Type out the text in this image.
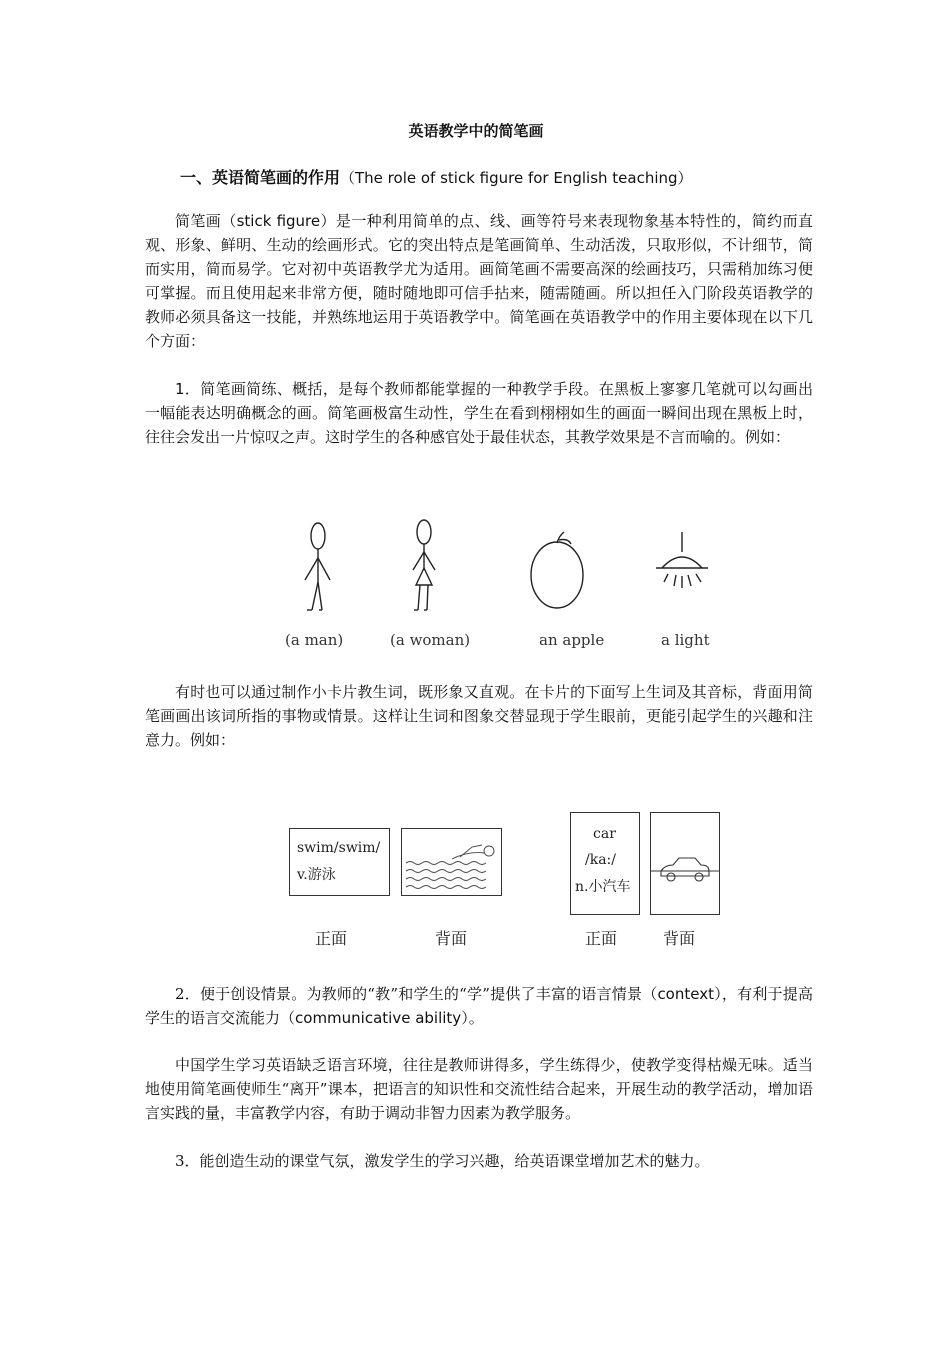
英语教学中的简笔画
一、英语简笔画的作用（The role of stick figure for English teaching）

简笔画（stick figure）是一种利用简单的点、线、画等符号来表现物象基本特性的，简约而直观、形象、鲜明、生动的绘画形式。它的突出特点是笔画简单、生动活泼，只取形似，不计细节，简而实用，简而易学。它对初中英语教学尤为适用。画简笔画不需要高深的绘画技巧，只需稍加练习便可掌握。而且使用起来非常方便，随时随地即可信手拈来，随需随画。所以担任入门阶段英语教学的教师必须具备这一技能，并熟练地运用于英语教学中。简笔画在英语教学中的作用主要体现在以下几个方面：

1．简笔画简练、概括，是每个教师都能掌握的一种教学手段。在黑板上寥寥几笔就可以勾画出一幅能表达明确概念的画。简笔画极富生动性，学生在看到栩栩如生的画面一瞬间出现在黑板上时，往往会发出一片惊叹之声。这时学生的各种感官处于最佳状态，其教学效果是不言而喻的。例如：

(a man)	(a woman)	an apple	a light

有时也可以通过制作小卡片教生词，既形象又直观。在卡片的下面写上生词及其音标，背面用简笔画画出该词所指的事物或情景。这样让生词和图象交替显现于学生眼前，更能引起学生的兴趣和注意力。例如：

swim/swim/
v.游泳
car
/ka:/
n.小汽车
正面	背面	正面	背面

2．便于创设情景。为教师的“教”和学生的“学”提供了丰富的语言情景（context），有利于提高学生的语言交流能力（communicative ability）。

中国学生学习英语缺乏语言环境，往往是教师讲得多，学生练得少，使教学变得枯燥无味。适当地使用简笔画使师生“离开”课本，把语言的知识性和交流性结合起来，开展生动的教学活动，增加语言实践的量，丰富教学内容，有助于调动非智力因素为教学服务。

3．能创造生动的课堂气氛，激发学生的学习兴趣，给英语课堂增加艺术的魅力。
